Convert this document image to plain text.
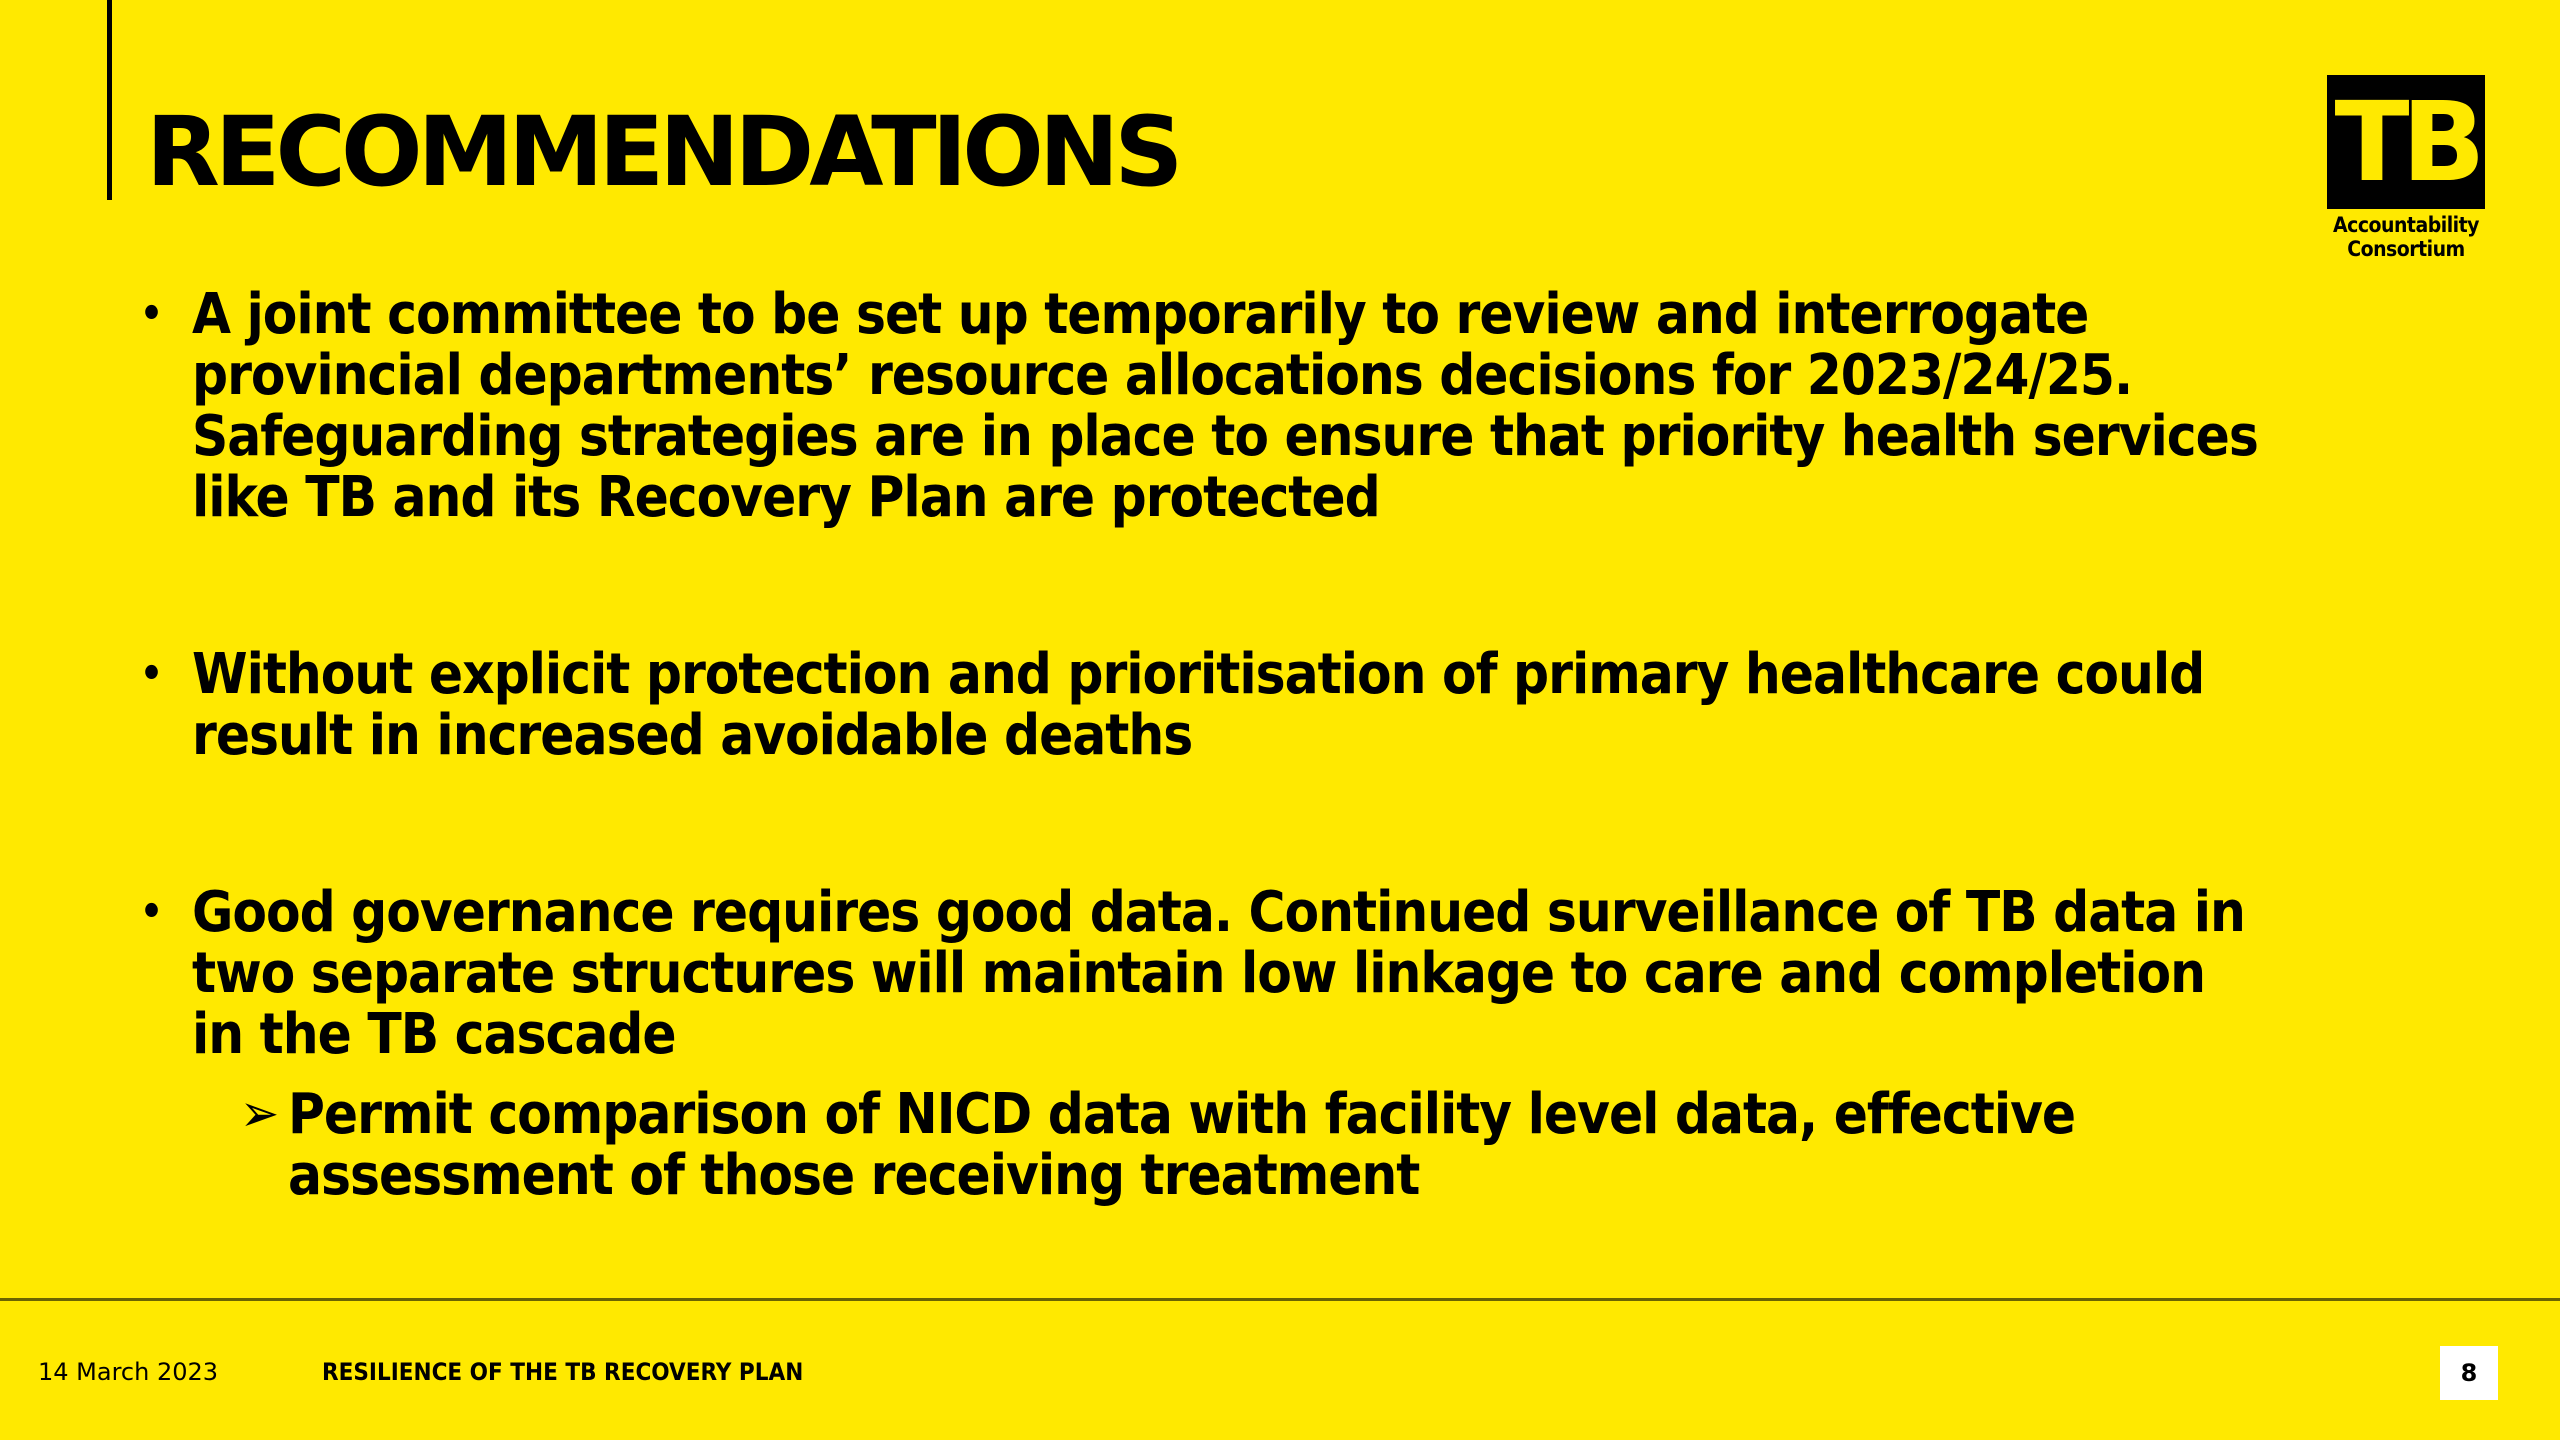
RECOMMENDATIONS	TB
Accountability
Consortium
• A joint committee to be set up temporarily to review and interrogate provincial departments’ resource allocations decisions for 2023/24/25. Safeguarding strategies are in place to ensure that priority health services like TB and its Recovery Plan are protected
• Without explicit protection and prioritisation of primary healthcare could result in increased avoidable deaths
• Good governance requires good data. Continued surveillance of TB data in two separate structures will maintain low linkage to care and completion in the TB cascade
➢ Permit comparison of NICD data with facility level data, effective assessment of those receiving treatment
14 March 2023	RESILIENCE OF THE TB RECOVERY PLAN	8
